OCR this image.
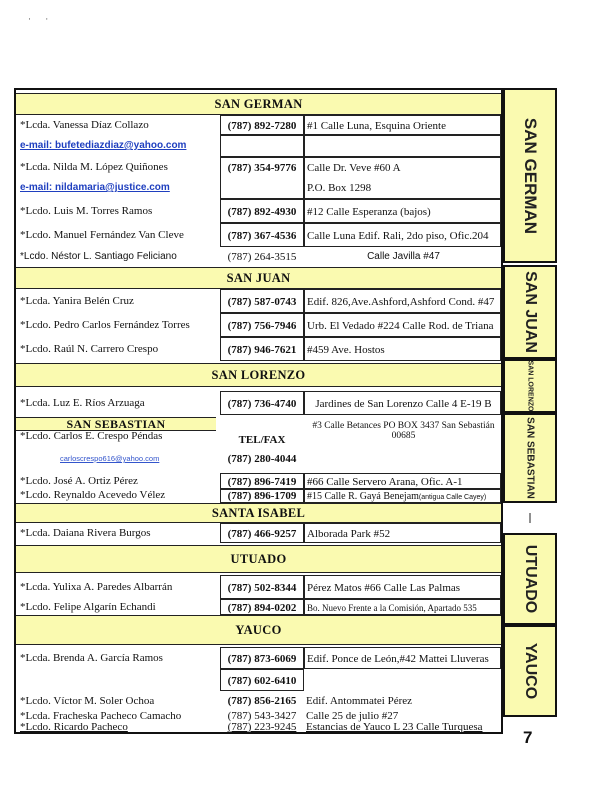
· ·
SAN GERMAN
*Lcda. Vanessa Díaz Collazo	(787) 892-7280 #1 Calle Luna, Esquina Oriente
e-mail: bufetediazdiaz@yahoo.com
*Lcda. Nilda M. López Quiñones	(787) 354-9776 Calle Dr. Veve #60 A
e-mail: nildamaria@justice.com	P.O. Box 1298
*Lcdo. Luis M. Torres Ramos	(787) 892-4930 #12 Calle Esperanza (bajos)
*Lcdo. Manuel Fernández Van Cleve	(787) 367-4536 Calle Luna Edif. Rali, 2do piso, Ofic.204
*Lcdo. Néstor L. Santiago Feliciano	(787) 264-3515	Calle Javilla #47
SAN JUAN
*Lcda. Yanira Belén Cruz	(787) 587-0743 Edif. 826,Ave.Ashford,Ashford Cond. #47
*Lcdo. Pedro Carlos Fernández Torres	(787) 756-7946 Urb. El Vedado #224 Calle Rod. de Triana
*Lcdo. Raúl N. Carrero Crespo	(787) 946-7621 #459 Ave. Hostos
SAN LORENZO
*Lcda. Luz E. Ríos Arzuaga	(787) 736-4740	Jardines de San Lorenzo Calle 4 E-19 B
SAN SEBASTIAN
*Lcdo. Carlos E. Crespo Péndas	TEL/FAX
#3 Calle Betances PO BOX 3437 San Sebastián 00685
carloscrespo616@yahoo.com	(787) 280-4044
*Lcdo. José A. Ortiz Pérez	(787) 896-7419 #66 Calle Servero Arana, Ofic. A-1
*Lcdo. Reynaldo Acevedo Vélez	(787) 896-1709	#15 Calle R. Gayá Benejam(antigua Calle Cayey)
SANTA ISABEL
*Lcda. Daiana Rivera Burgos	(787) 466-9257 Alborada Park #52
UTUADO
*Lcda. Yulixa A. Paredes Albarrán	(787) 502-8344 Pérez Matos #66 Calle Las Palmas
*Lcdo. Felipe Algarín Echandi	(787) 894-0202	Bo. Nuevo Frente a la Comisión, Apartado 535
YAUCO
*Lcda. Brenda A. García Ramos	(787) 873-6069 Edif. Ponce de León,#42 Mattei Lluveras
(787) 602-6410
*Lcdo. Víctor M. Soler Ochoa	(787) 856-2165 Edif. Antommatei Pérez
*Lcda. Fracheska Pacheco Camacho	(787) 543-3427 Calle 25 de julio #27
*Lcdo. Ricardo Pacheco	(787) 223-9245 Estancias de Yauco L 23 Calle Turquesa
SAN GERMAN
SAN JUAN
SAN LORENZO
SAN SEBASTIAN
—
UTUADO
YAUCO
7
